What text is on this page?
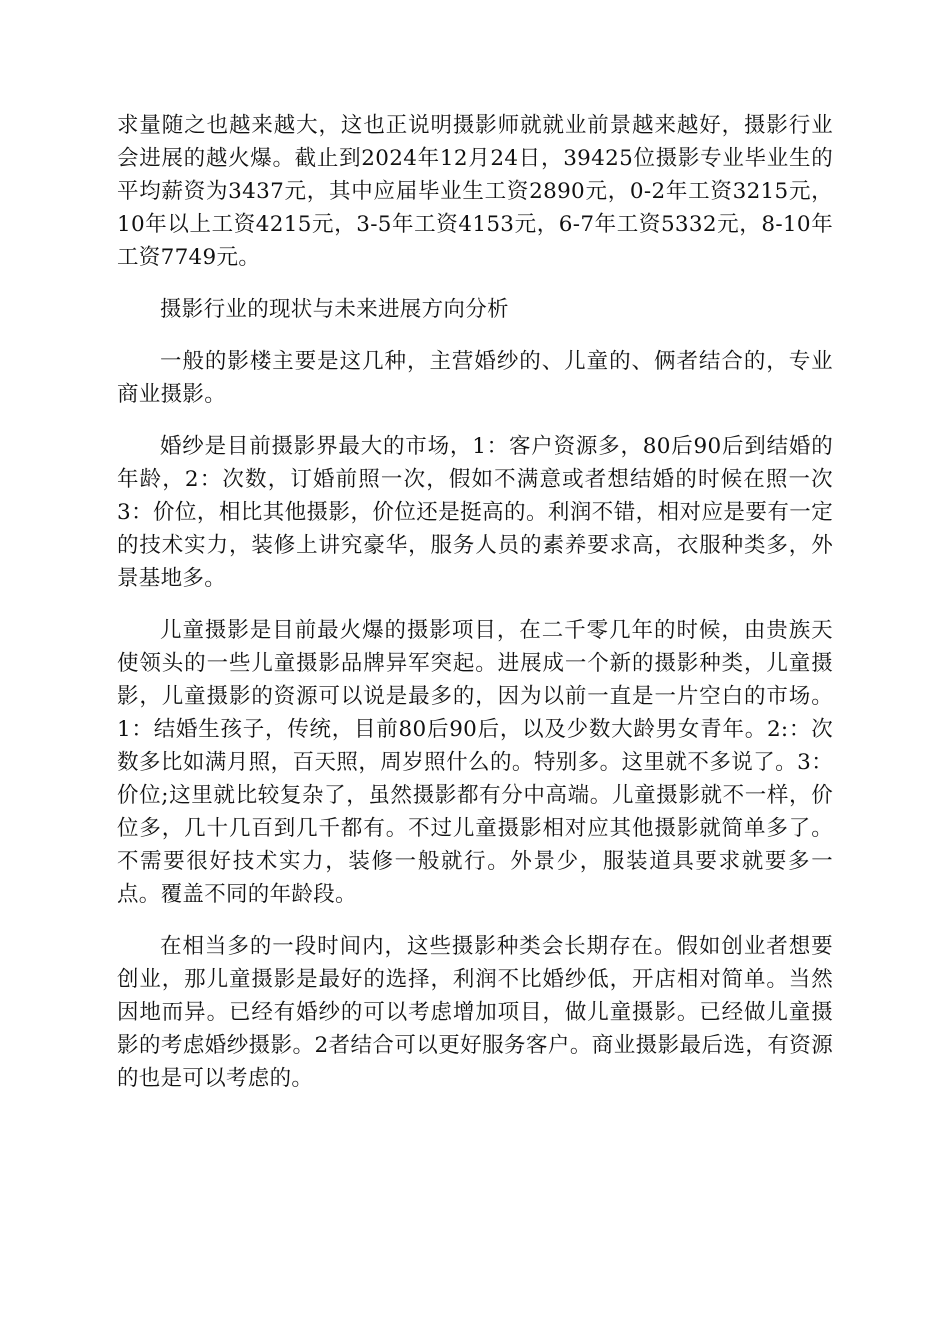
求量随之也越来越大，这也正说明摄影师就就业前景越来越好，摄影行业会进展的越火爆。截止到2024年12月24日，39425位摄影专业毕业生的平均薪资为3437元，其中应届毕业生工资2890元，0-2年工资3215元，10年以上工资4215元，3-5年工资4153元，6-7年工资5332元，8-10年工资7749元。

摄影行业的现状与未来进展方向分析

一般的影楼主要是这几种，主营婚纱的、儿童的、俩者结合的，专业商业摄影。

婚纱是目前摄影界最大的市场，1：客户资源多，80后90后到结婚的年龄，2：次数，订婚前照一次，假如不满意或者想结婚的时候在照一次3：价位，相比其他摄影，价位还是挺高的。利润不错，相对应是要有一定的技术实力，装修上讲究豪华，服务人员的素养要求高，衣服种类多，外景基地多。

儿童摄影是目前最火爆的摄影项目，在二千零几年的时候，由贵族天使领头的一些儿童摄影品牌异军突起。进展成一个新的摄影种类，儿童摄影，儿童摄影的资源可以说是最多的，因为以前一直是一片空白的市场。1：结婚生孩子，传统，目前80后90后，以及少数大龄男女青年。2:：次数多比如满月照，百天照，周岁照什么的。特别多。这里就不多说了。3：价位;这里就比较复杂了，虽然摄影都有分中高端。儿童摄影就不一样，价位多，几十几百到几千都有。不过儿童摄影相对应其他摄影就简单多了。不需要很好技术实力，装修一般就行。外景少，服装道具要求就要多一点。覆盖不同的年龄段。

在相当多的一段时间内，这些摄影种类会长期存在。假如创业者想要创业，那儿童摄影是最好的选择，利润不比婚纱低，开店相对简单。当然因地而异。已经有婚纱的可以考虑增加项目，做儿童摄影。已经做儿童摄影的考虑婚纱摄影。2者结合可以更好服务客户。商业摄影最后选，有资源的也是可以考虑的。
